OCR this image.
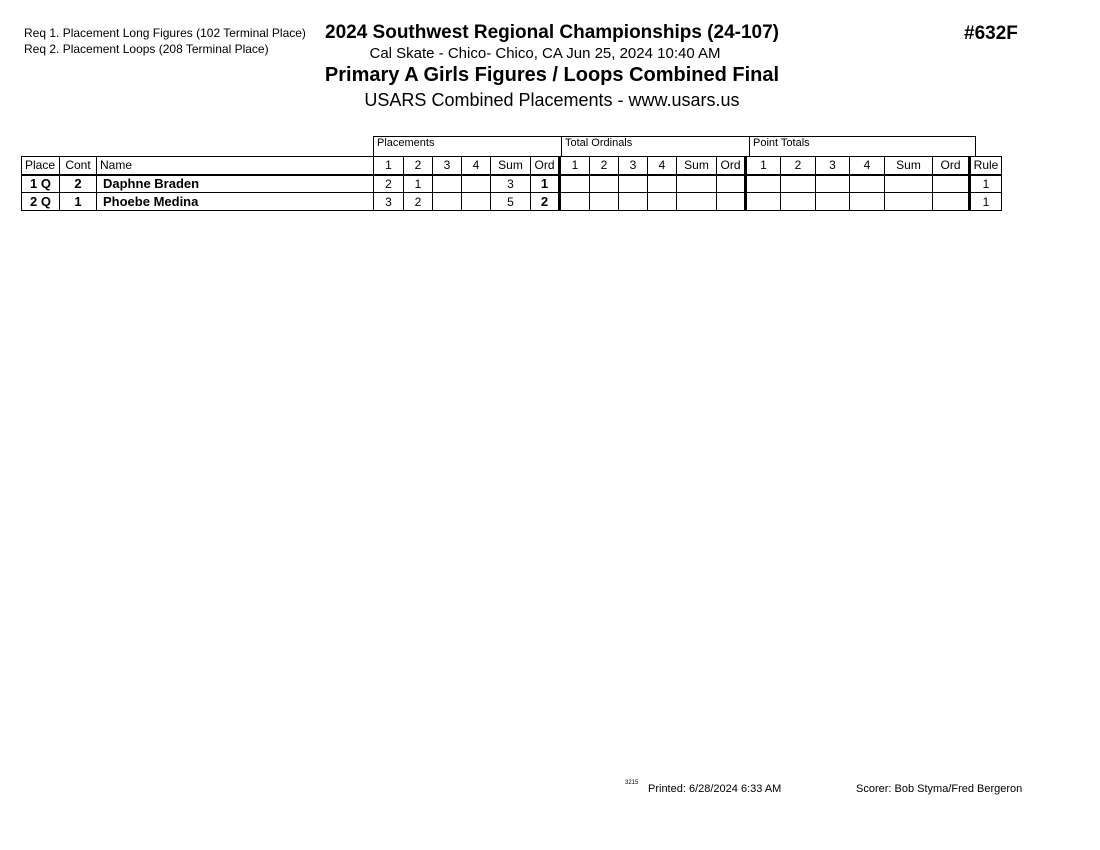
Req 1. Placement Long Figures (102 Terminal Place)
Req 2. Placement Loops (208 Terminal Place)
2024 Southwest Regional Championships (24-107)
Cal Skate - Chico- Chico, CA Jun 25, 2024 10:40 AM
Primary A Girls Figures / Loops Combined Final
USARS Combined Placements - www.usars.us
#632F
Placements	Total Ordinals	Point Totals
Place	Cont	Name	1	2	3	4	Sum	Ord	1	2	3	4	Sum	Ord	1	2	3	4	Sum	Ord	Rule
1 Q	2	Daphne Braden	2	1			3	1													1
2 Q	1	Phoebe Medina	3	2			5	2													1
3215 Printed: 6/28/2024 6:33 AM	Scorer: Bob Styma/Fred Bergeron
